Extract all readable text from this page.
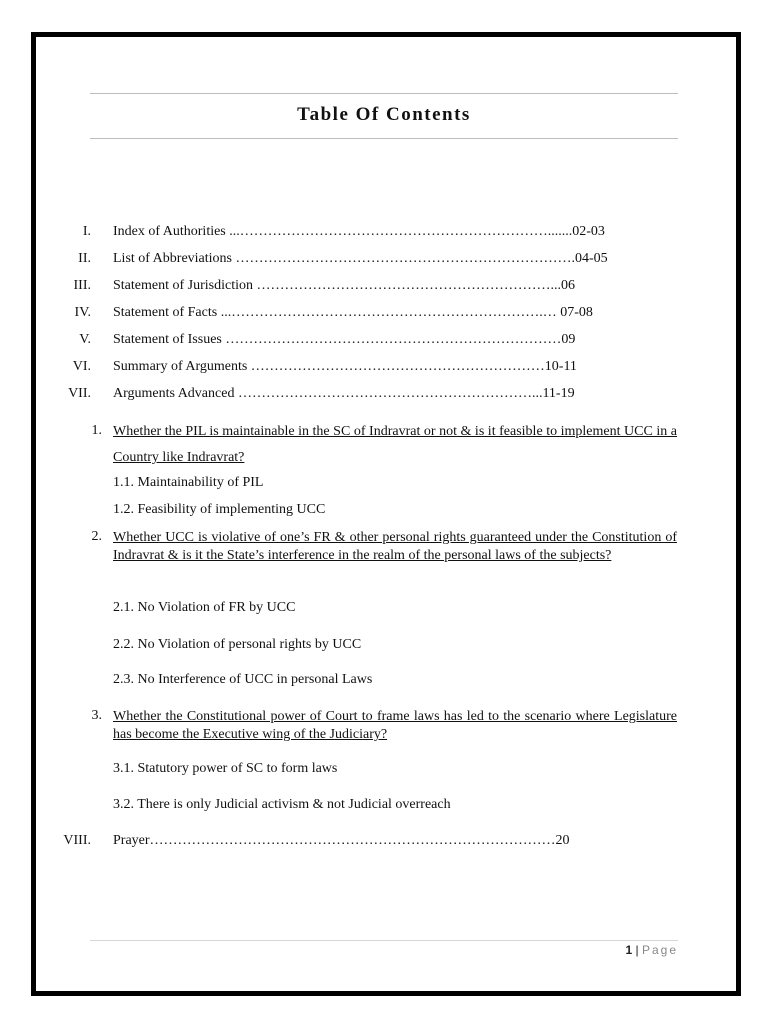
Table Of Contents
I. Index of Authorities ...………………………………………………………….......02-03
II. List of Abbreviations ……………………………………………………………….04-05
III. Statement of Jurisdiction ………………………………………………………...06
IV. Statement of Facts ...………………………………………………………….… 07-08
V. Statement of Issues ………………………………………………………………09
VI. Summary of Arguments ………………………………………………………10-11
VII. Arguments Advanced ………………………………………………………...11-19
1. Whether the PIL is maintainable in the SC of Indravrat or not & is it feasible to implement UCC in a Country like Indravrat?
1.1. Maintainability of PIL
1.2. Feasibility of implementing UCC
2. Whether UCC is violative of one’s FR & other personal rights guaranteed under the Constitution of Indravrat & is it the State’s interference in the realm of the personal laws of the subjects?
2.1. No Violation of FR by UCC
2.2. No Violation of personal rights by UCC
2.3. No Interference of UCC in personal Laws
3. Whether the Constitutional power of Court to frame laws has led to the scenario where Legislature has become the Executive wing of the Judiciary?
3.1. Statutory power of SC to form laws
3.2. There is only Judicial activism & not Judicial overreach
VIII. Prayer……………………………………………………………………………20
1 | Page
